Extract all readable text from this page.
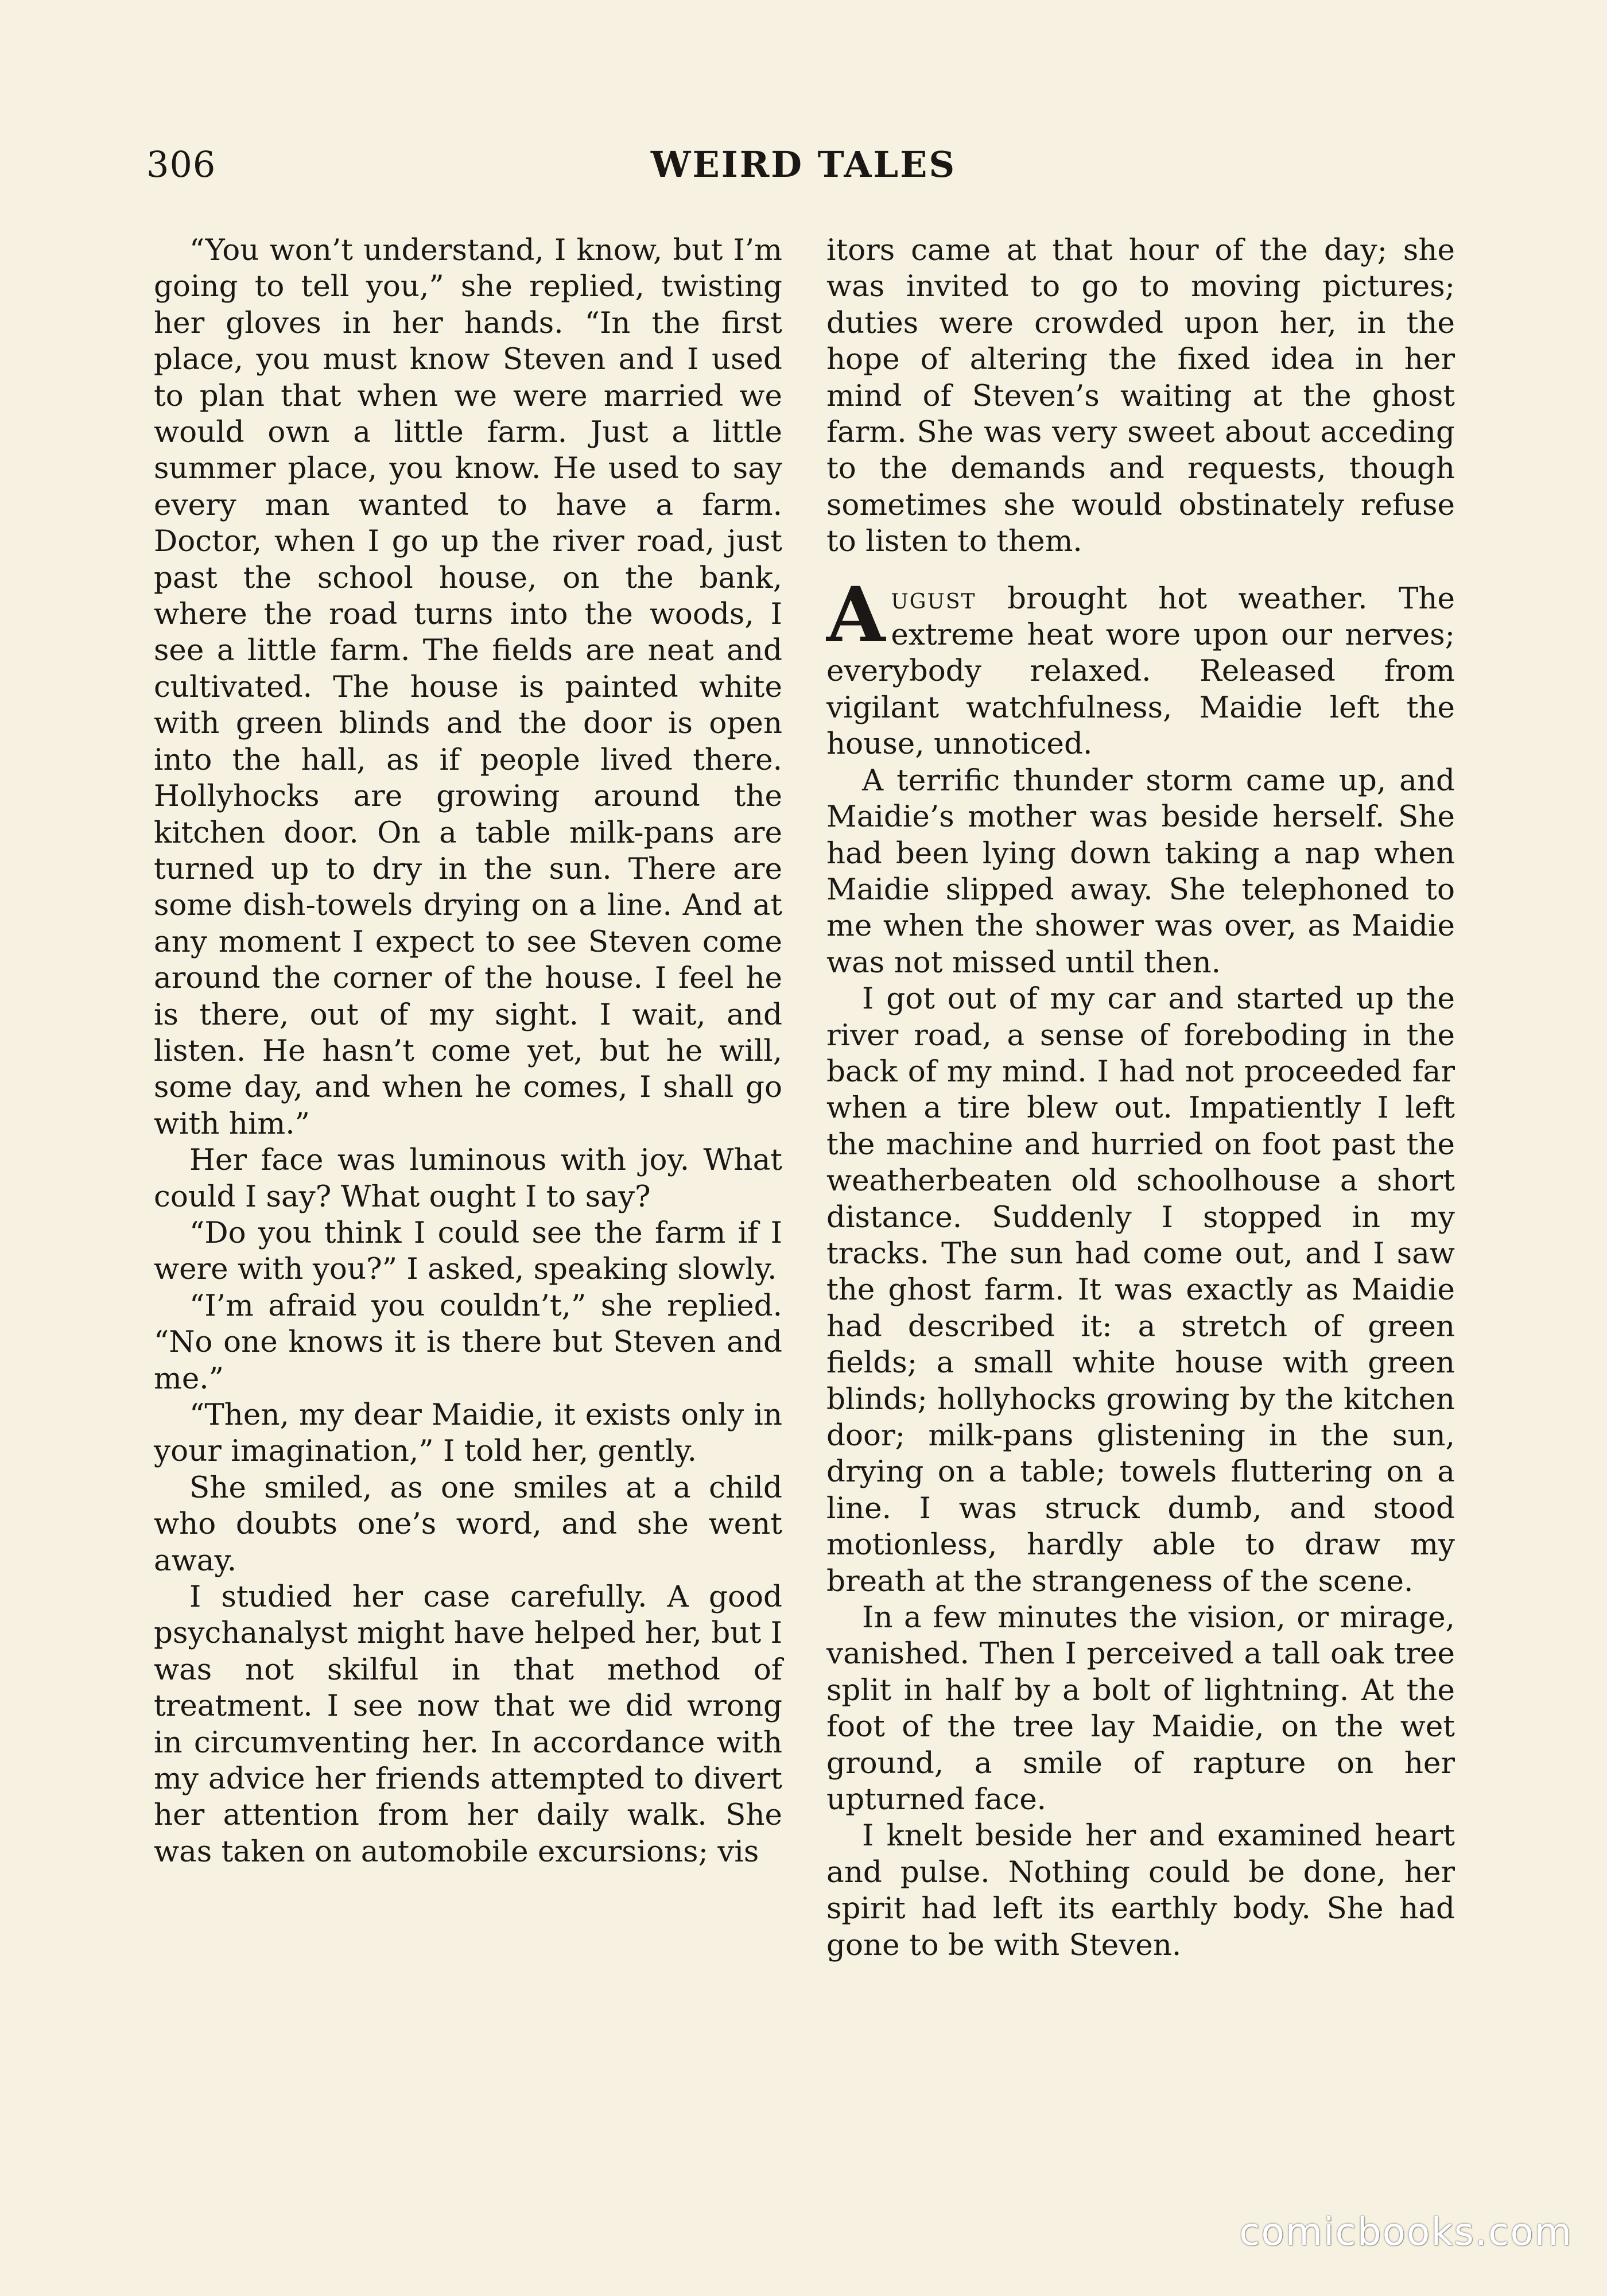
306	WEIRD TALES

“You won’t understand, I know, but I’m going to tell you,” she replied, twisting her gloves in her hands. “In the first place, you must know Steven and I used to plan that when we were married we would own a little farm. Just a little summer place, you know. He used to say every man wanted to have a farm. Doctor, when I go up the river road, just past the school house, on the bank, where the road turns into the woods, I see a little farm. The fields are neat and cultivated. The house is painted white with green blinds and the door is open into the hall, as if people lived there. Hollyhocks are growing around the kitchen door. On a table milk-pans are turned up to dry in the sun. There are some dish-towels drying on a line. And at any moment I expect to see Steven come around the corner of the house. I feel he is there, out of my sight. I wait, and listen. He hasn’t come yet, but he will, some day, and when he comes, I shall go with him.”

Her face was luminous with joy. What could I say? What ought I to say?

“Do you think I could see the farm if I were with you?” I asked, speaking slowly.

“I’m afraid you couldn’t,” she replied. “No one knows it is there but Steven and me.”

“Then, my dear Maidie, it exists only in your imagination,” I told her, gently.

She smiled, as one smiles at a child who doubts one’s word, and she went away.

I studied her case carefully. A good psychanalyst might have helped her, but I was not skilful in that method of treatment. I see now that we did wrong in circumventing her. In accordance with my advice her friends attempted to divert her attention from her daily walk. She was taken on automobile excursions; vis

itors came at that hour of the day; she was invited to go to moving pictures; duties were crowded upon her, in the hope of altering the fixed idea in her mind of Steven’s waiting at the ghost farm. She was very sweet about acceding to the demands and requests, though sometimes she would obstinately refuse to listen to them.

August brought hot weather. The extreme heat wore upon our nerves; everybody relaxed. Released from vigilant watchfulness, Maidie left the house, unnoticed.

A terrific thunder storm came up, and Maidie’s mother was beside herself. She had been lying down taking a nap when Maidie slipped away. She telephoned to me when the shower was over, as Maidie was not missed until then.

I got out of my car and started up the river road, a sense of foreboding in the back of my mind. I had not proceeded far when a tire blew out. Impatiently I left the machine and hurried on foot past the weatherbeaten old schoolhouse a short distance. Suddenly I stopped in my tracks. The sun had come out, and I saw the ghost farm. It was exactly as Maidie had described it: a stretch of green fields; a small white house with green blinds; hollyhocks growing by the kitchen door; milk-pans glistening in the sun, drying on a table; towels fluttering on a line. I was struck dumb, and stood motionless, hardly able to draw my breath at the strangeness of the scene.

In a few minutes the vision, or mirage, vanished. Then I perceived a tall oak tree split in half by a bolt of lightning. At the foot of the tree lay Maidie, on the wet ground, a smile of rapture on her upturned face.

I knelt beside her and examined heart and pulse. Nothing could be done, her spirit had left its earthly body. She had gone to be with Steven.

comicbooks.com
